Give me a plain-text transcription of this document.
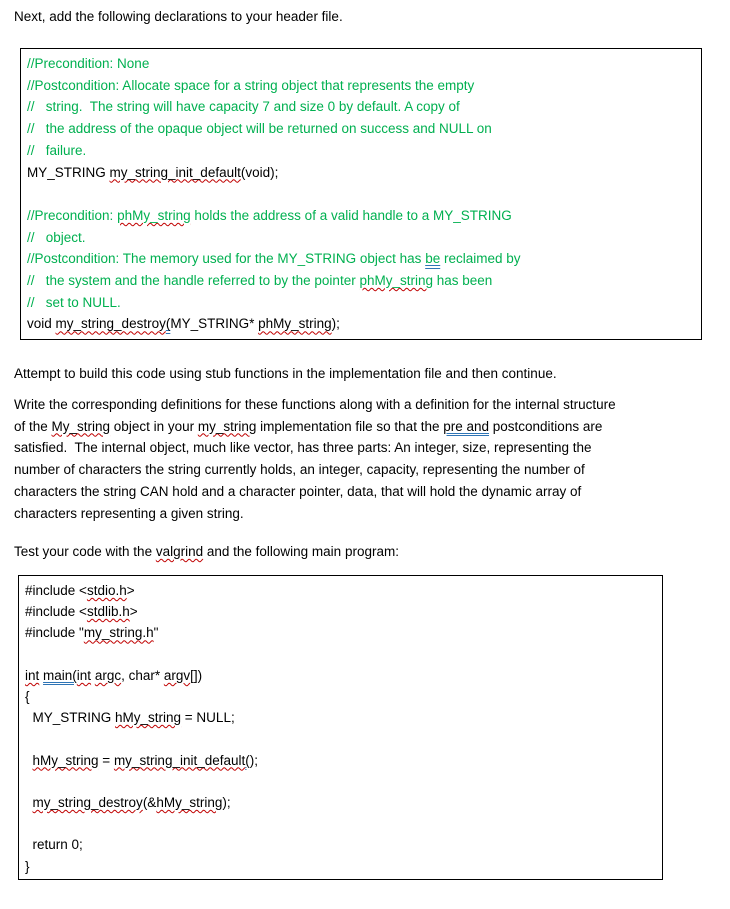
Next, add the following declarations to your header file.
//Precondition: None
//Postcondition: Allocate space for a string object that represents the empty
//   string.  The string will have capacity 7 and size 0 by default. A copy of
//   the address of the opaque object will be returned on success and NULL on
//   failure.
MY_STRING my_string_init_default(void);

//Precondition: phMy_string holds the address of a valid handle to a MY_STRING
//   object.
//Postcondition: The memory used for the MY_STRING object has be reclaimed by
//   the system and the handle referred to by the pointer phMy_string has been
//   set to NULL.
void my_string_destroy(MY_STRING* phMy_string);
Attempt to build this code using stub functions in the implementation file and then continue.
Write the corresponding definitions for these functions along with a definition for the internal structure
of the My_string object in your my_string implementation file so that the pre and postconditions are
satisfied.  The internal object, much like vector, has three parts: An integer, size, representing the
number of characters the string currently holds, an integer, capacity, representing the number of
characters the string CAN hold and a character pointer, data, that will hold the dynamic array of
characters representing a given string.
Test your code with the valgrind and the following main program:
#include <stdio.h>
#include <stdlib.h>
#include "my_string.h"

int main(int argc, char* argv[])
{
MY_STRING hMy_string = NULL;

hMy_string = my_string_init_default();

my_string_destroy(&hMy_string);

return 0;
}
